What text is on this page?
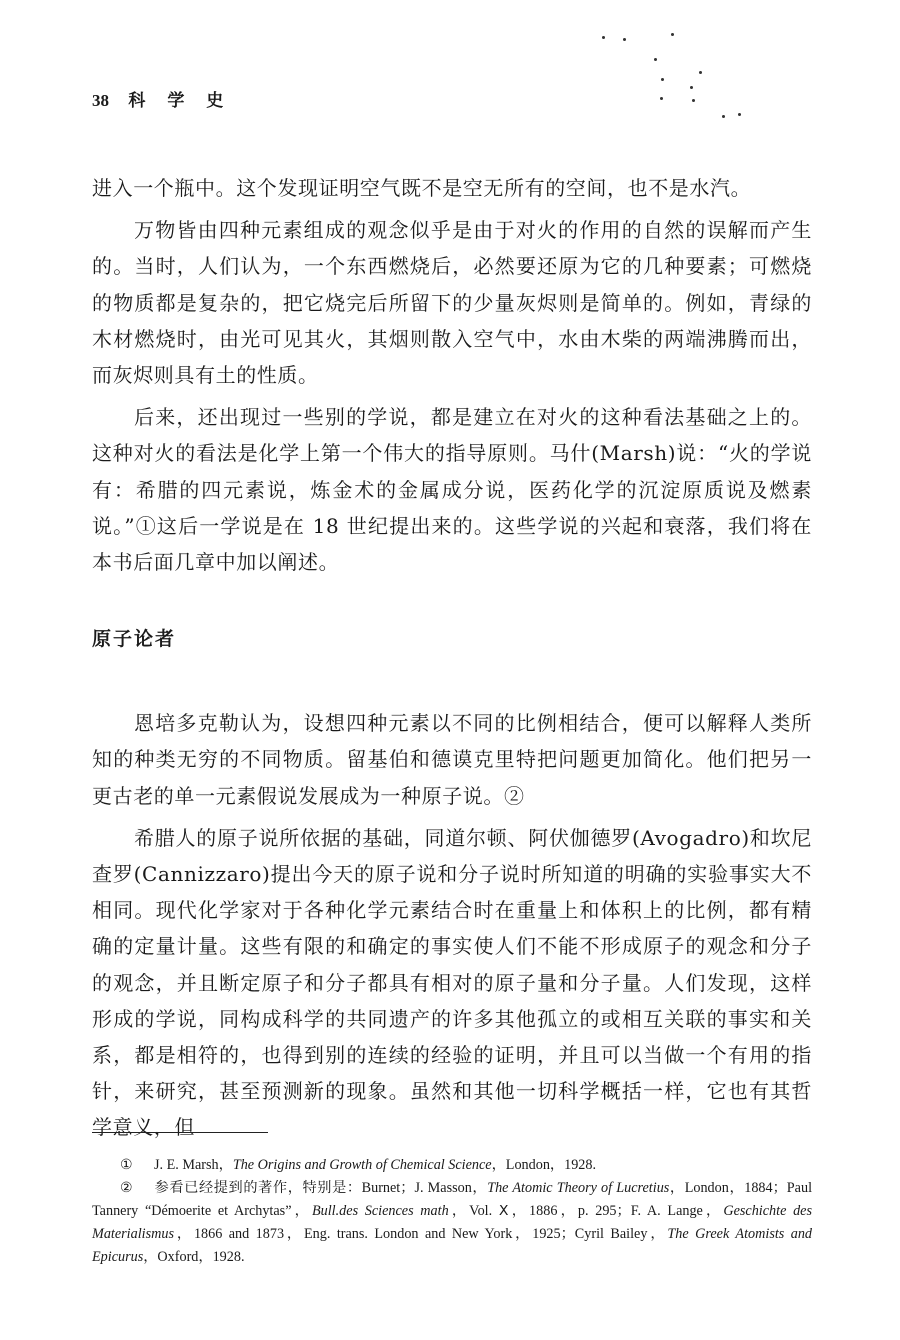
38 科 学 史

进入一个瓶中。这个发现证明空气既不是空无所有的空间，也不是水汽。

万物皆由四种元素组成的观念似乎是由于对火的作用的自然的误解而产生的。当时，人们认为，一个东西燃烧后，必然要还原为它的几种要素；可燃烧的物质都是复杂的，把它烧完后所留下的少量灰烬则是简单的。例如，青绿的木材燃烧时，由光可见其火，其烟则散入空气中，水由木柴的两端沸腾而出，而灰烬则具有土的性质。

后来，还出现过一些别的学说，都是建立在对火的这种看法基础之上的。这种对火的看法是化学上第一个伟大的指导原则。马什(Marsh)说：“火的学说有：希腊的四元素说，炼金术的金属成分说，医药化学的沉淀原质说及燃素说。”①这后一学说是在 18 世纪提出来的。这些学说的兴起和衰落，我们将在本书后面几章中加以阐述。

原子论者

恩培多克勒认为，设想四种元素以不同的比例相结合，便可以解释人类所知的种类无穷的不同物质。留基伯和德谟克里特把问题更加简化。他们把另一更古老的单一元素假说发展成为一种原子说。②

希腊人的原子说所依据的基础，同道尔顿、阿伏伽德罗(Avogadro)和坎尼查罗(Cannizzaro)提出今天的原子说和分子说时所知道的明确的实验事实大不相同。现代化学家对于各种化学元素结合时在重量上和体积上的比例，都有精确的定量计量。这些有限的和确定的事实使人们不能不形成原子的观念和分子的观念，并且断定原子和分子都具有相对的原子量和分子量。人们发现，这样形成的学说，同构成科学的共同遗产的许多其他孤立的或相互关联的事实和关系，都是相符的，也得到别的连续的经验的证明，并且可以当做一个有用的指针，来研究，甚至预测新的现象。虽然和其他一切科学概括一样，它也有其哲学意义，但

① J. E. Marsh，The Origins and Growth of Chemical Science，London，1928.

② 参看已经提到的著作，特别是：Burnet；J. Masson，The Atomic Theory of Lucretius，London，1884；Paul Tannery “Démoerite et Archytas”，Bull.des Sciences math，Vol. Ⅹ，1886，p. 295；F. A. Lange，Geschichte des Materialismus，1866 and 1873，Eng. trans. London and New York，1925；Cyril Bailey，The Greek Atomists and Epicurus，Oxford，1928.
